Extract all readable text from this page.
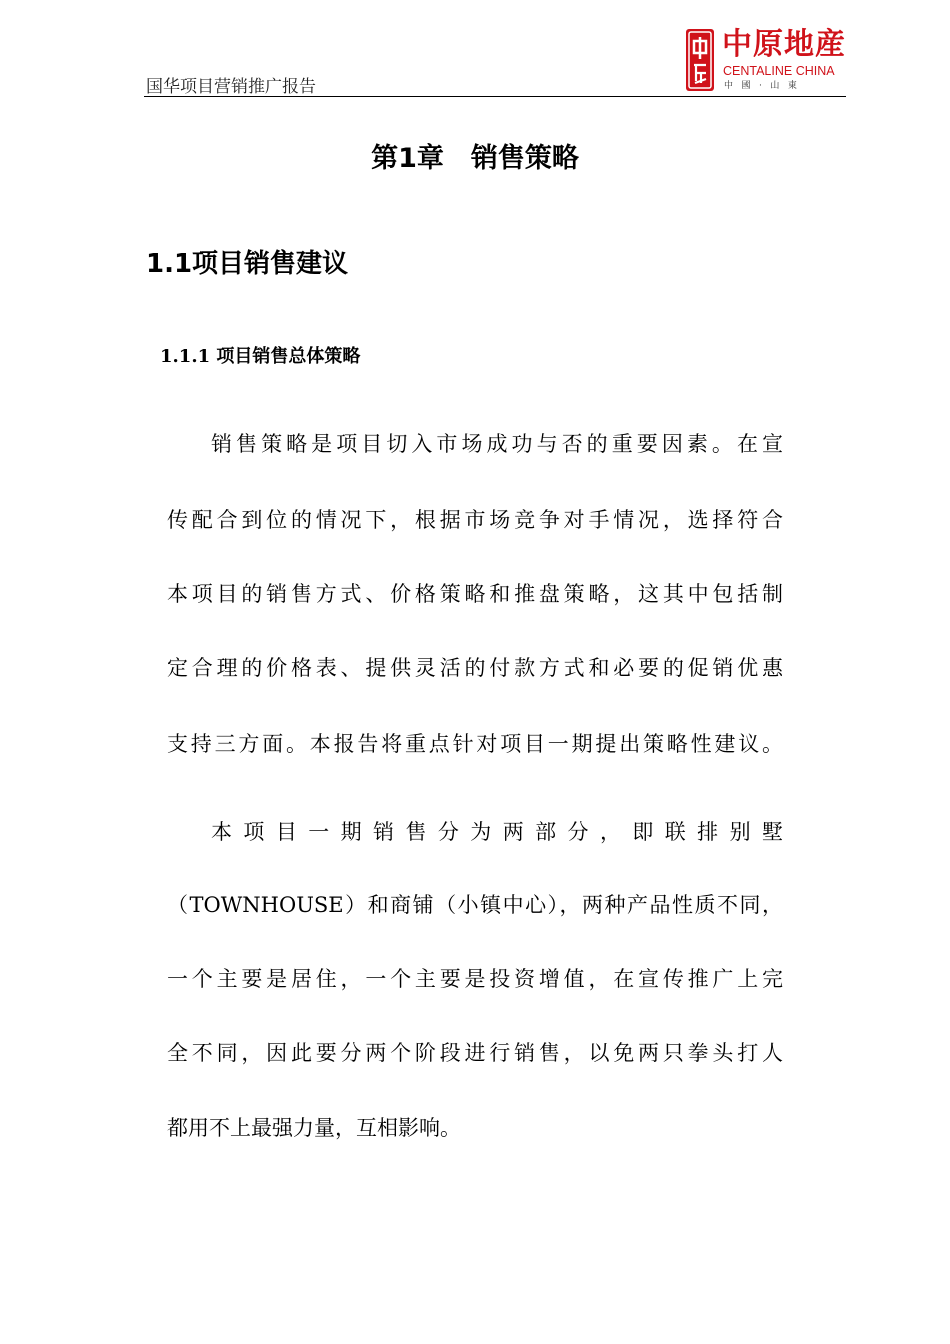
国华项目营销推广报告
中原地産
CENTALINE CHINA
中國·山東
第1章　销售策略
1.1项目销售建议
1.1.1 项目销售总体策略
销售策略是项目切入市场成功与否的重要因素。在宣
传配合到位的情况下，根据市场竞争对手情况，选择符合
本项目的销售方式、价格策略和推盘策略，这其中包括制
定合理的价格表、提供灵活的付款方式和必要的促销优惠
支持三方面。本报告将重点针对项目一期提出策略性建议。
本项目一期销售分为两部分，即联排别墅
（TOWNHOUSE）和商铺（小镇中心），两种产品性质不同，
一个主要是居住，一个主要是投资增值，在宣传推广上完
全不同，因此要分两个阶段进行销售，以免两只拳头打人
都用不上最强力量，互相影响。
